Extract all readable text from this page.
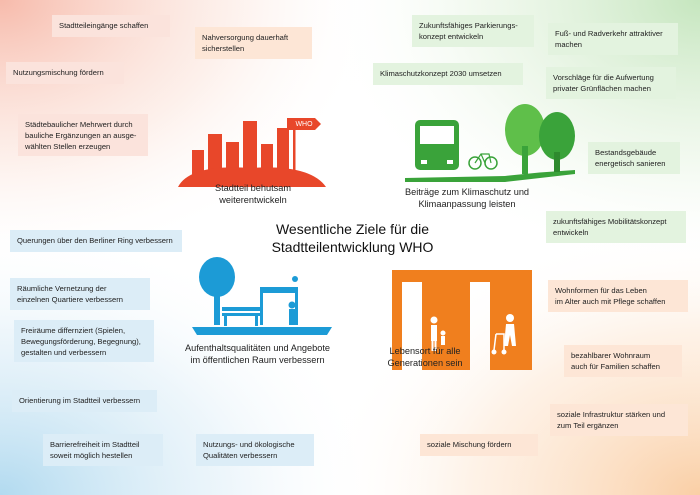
Wesentliche Ziele für die
Stadtteilentwicklung WHO
WHO
Stadtteil behutsam
weiterentwickeln
Stadtteileingänge schaffen
Nahversorgung dauerhaft
sicherstellen
Nutzungsmischung fördern
Städtebaulicher Mehrwert durch
bauliche Ergänzungen an ausge-
wählten Stellen erzeugen
Beiträge zum Klimaschutz und
Klimaanpassung leisten
Zukunftsfähiges Parkierungs-
konzept entwickeln	Fuß- und Radverkehr attraktiver
machen
Klimaschutzkonzept 2030 umsetzen	Vorschläge für die Aufwertung
privater Grünflächen machen
Bestandsgebäude
energetisch sanieren
zukunftsfähiges Mobilitätskonzept
entwickeln
Aufenthaltsqualitäten und Angebote
im öffentlichen Raum verbessern
Querungen über den Berliner Ring verbessern
Räumliche Vernetzung der
einzelnen Quartiere verbessern
Freiräume differnziert (Spielen,
Bewegungsförderung, Begegnung),
gestalten und verbessern
Orientierung im Stadtteil verbessern
Barrierefreiheit im Stadtteil
soweit möglich hestellen
Nutzungs- und ökologische
Qualitäten verbessern
Lebensort für alle
Generationen sein
Wohnformen für das Leben
im Alter auch mit Pflege schaffen
bezahlbarer Wohnraum
auch für Familien schaffen
soziale Infrastruktur stärken und
zum Teil ergänzen
soziale Mischung fördern
